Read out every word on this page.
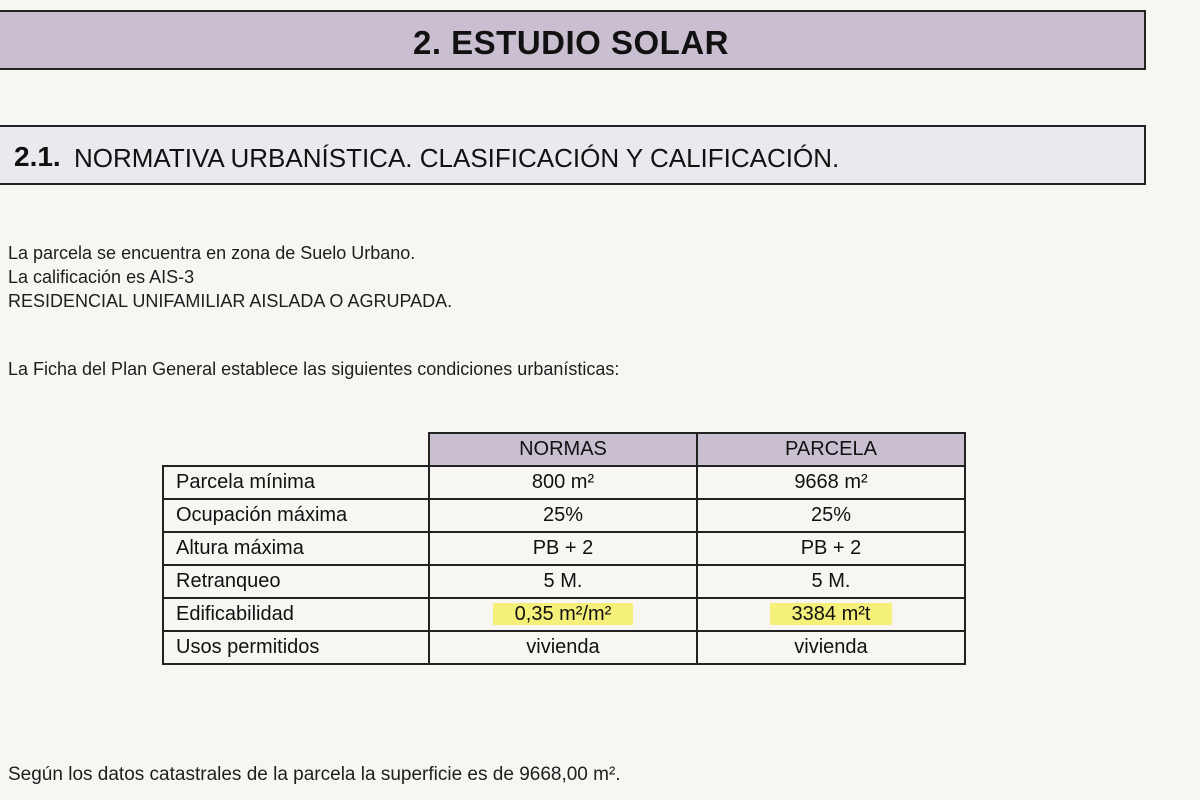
2. ESTUDIO SOLAR
2.1. NORMATIVA URBANÍSTICA. CLASIFICACIÓN Y CALIFICACIÓN.
La parcela se encuentra en zona de Suelo Urbano.
La calificación es AIS-3
RESIDENCIAL UNIFAMILIAR AISLADA O AGRUPADA.
La Ficha del Plan General establece las siguientes condiciones urbanísticas:
	NORMAS	PARCELA
Parcela mínima	800 m²	9668 m²
Ocupación máxima	25%	25%
Altura máxima	PB + 2	PB + 2
Retranqueo	5 M.	5 M.
Edificabilidad	0,35 m²/m²	3384 m²t
Usos permitidos	vivienda	vivienda
Según los datos catastrales de la parcela la superficie es de 9668,00 m².
